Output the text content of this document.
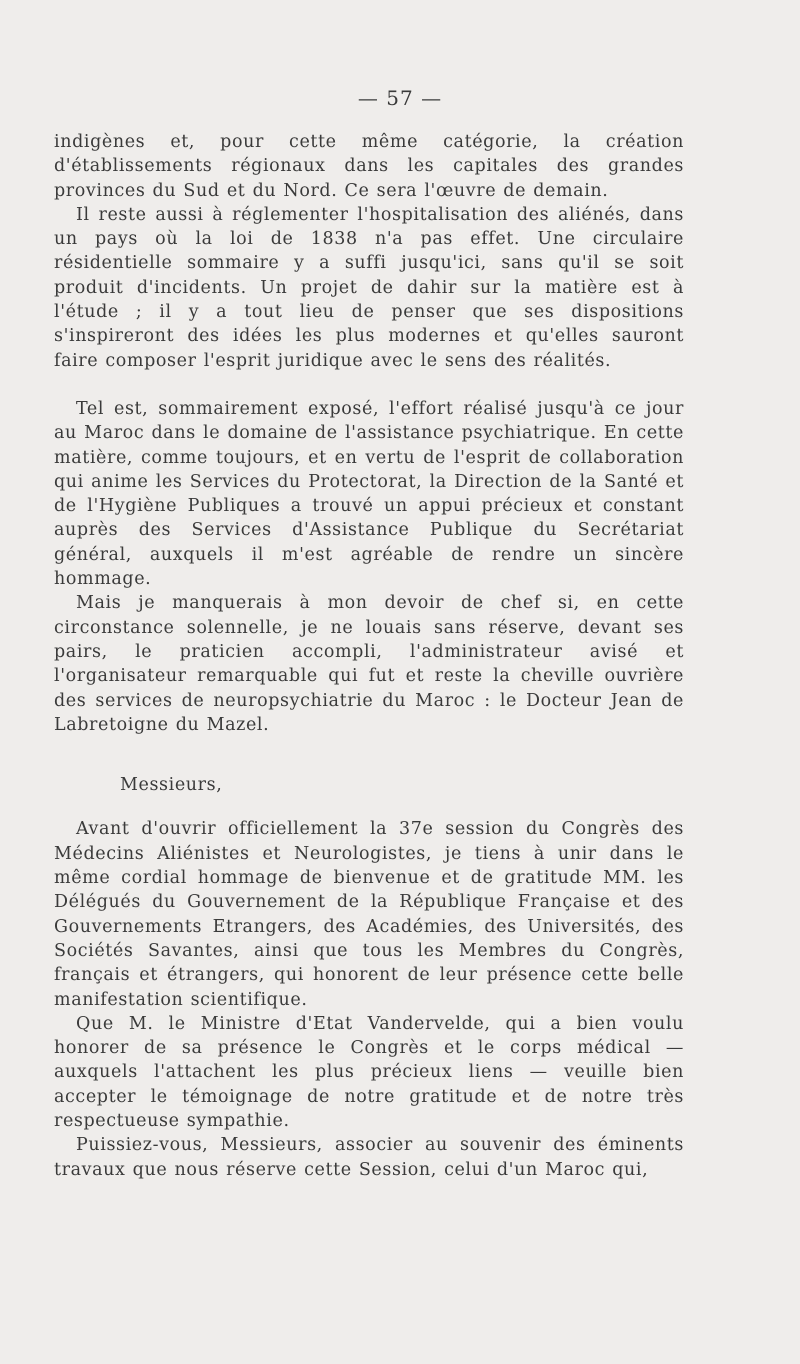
— 57 —

indigènes et, pour cette même catégorie, la création d'établissements régionaux dans les capitales des grandes provinces du Sud et du Nord. Ce sera l'œuvre de demain.

Il reste aussi à réglementer l'hospitalisation des aliénés, dans un pays où la loi de 1838 n'a pas effet. Une circulaire résidentielle sommaire y a suffi jusqu'ici, sans qu'il se soit produit d'incidents. Un projet de dahir sur la matière est à l'étude ; il y a tout lieu de penser que ses dispositions s'inspireront des idées les plus modernes et qu'elles sauront faire composer l'esprit juridique avec le sens des réalités.

Tel est, sommairement exposé, l'effort réalisé jusqu'à ce jour au Maroc dans le domaine de l'assistance psychiatrique. En cette matière, comme toujours, et en vertu de l'esprit de collaboration qui anime les Services du Protectorat, la Direction de la Santé et de l'Hygiène Publiques a trouvé un appui précieux et constant auprès des Services d'Assistance Publique du Secrétariat général, auxquels il m'est agréable de rendre un sincère hommage.

Mais je manquerais à mon devoir de chef si, en cette circonstance solennelle, je ne louais sans réserve, devant ses pairs, le praticien accompli, l'administrateur avisé et l'organisateur remarquable qui fut et reste la cheville ouvrière des services de neuropsychiatrie du Maroc : le Docteur Jean de Labretoigne du Mazel.

Messieurs,

Avant d'ouvrir officiellement la 37e session du Congrès des Médecins Aliénistes et Neurologistes, je tiens à unir dans le même cordial hommage de bienvenue et de gratitude MM. les Délégués du Gouvernement de la République Française et des Gouvernements Etrangers, des Académies, des Universités, des Sociétés Savantes, ainsi que tous les Membres du Congrès, français et étrangers, qui honorent de leur présence cette belle manifestation scientifique.

Que M. le Ministre d'Etat Vandervelde, qui a bien voulu honorer de sa présence le Congrès et le corps médical — auxquels l'attachent les plus précieux liens — veuille bien accepter le témoignage de notre gratitude et de notre très respectueuse sympathie.

Puissiez-vous, Messieurs, associer au souvenir des éminents travaux que nous réserve cette Session, celui d'un Maroc qui,
